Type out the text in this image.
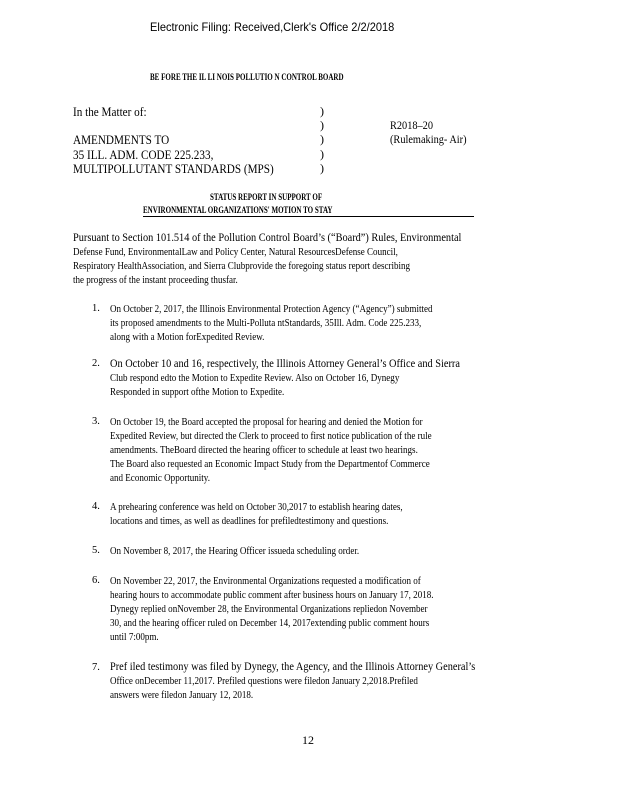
Electronic Filing: Received,Clerk's Office 2/2/2018
BE FORE THE IL LI NOIS POLLUTIO N CONTROL BOARD
In the Matter of:
AMENDMENTS TO
35 ILL. ADM. CODE 225.233,
MULTIPOLLUTANT STANDARDS (MPS)
)
)
)
)
)
R2018–20
(Rulemaking- Air)
STATUS REPORT IN SUPPORT OF
ENVIRONMENTAL ORGANIZATIONS' MOTION TO STAY
Pursuant to Section 101.514 of the Pollution Control Board’s (“Board”) Rules, Environmental
Defense Fund, EnvironmentalLaw and Policy Center, Natural ResourcesDefense Council,
Respiratory HealthAssociation, and Sierra Clubprovide the foregoing status report describing
the progress of the instant proceeding thusfar.
1. On October 2, 2017, the Illinois Environmental Protection Agency (“Agency”) submitted
its proposed amendments to the Multi-Polluta ntStandards, 35Ill. Adm. Code 225.233,
along with a Motion forExpedited Review.
2. On October 10 and 16, respectively, the Illinois Attorney General’s Office and Sierra
Club respond edto the Motion to Expedite Review. Also on October 16, Dynegy
Responded in support ofthe Motion to Expedite.
3. On October 19, the Board accepted the proposal for hearing and denied the Motion for
Expedited Review, but directed the Clerk to proceed to first notice publication of the rule
amendments. TheBoard directed the hearing officer to schedule at least two hearings.
The Board also requested an Economic Impact Study from the Departmentof Commerce
and Economic Opportunity.
4. A prehearing conference was held on October 30,2017 to establish hearing dates,
locations and times, as well as deadlines for prefiledtestimony and questions.
5. On November 8, 2017, the Hearing Officer issueda scheduling order.
6. On November 22, 2017, the Environmental Organizations requested a modification of
hearing hours to accommodate public comment after business hours on January 17, 2018.
Dynegy replied onNovember 28, the Environmental Organizations repliedon November
30, and the hearing officer ruled on December 14, 2017extending public comment hours
until 7:00pm.
7. Pref iled testimony was filed by Dynegy, the Agency, and the Illinois Attorney General’s
Office onDecember 11,2017. Prefiled questions were filedon January 2,2018.Prefiled
answers were filedon January 12, 2018.
12
